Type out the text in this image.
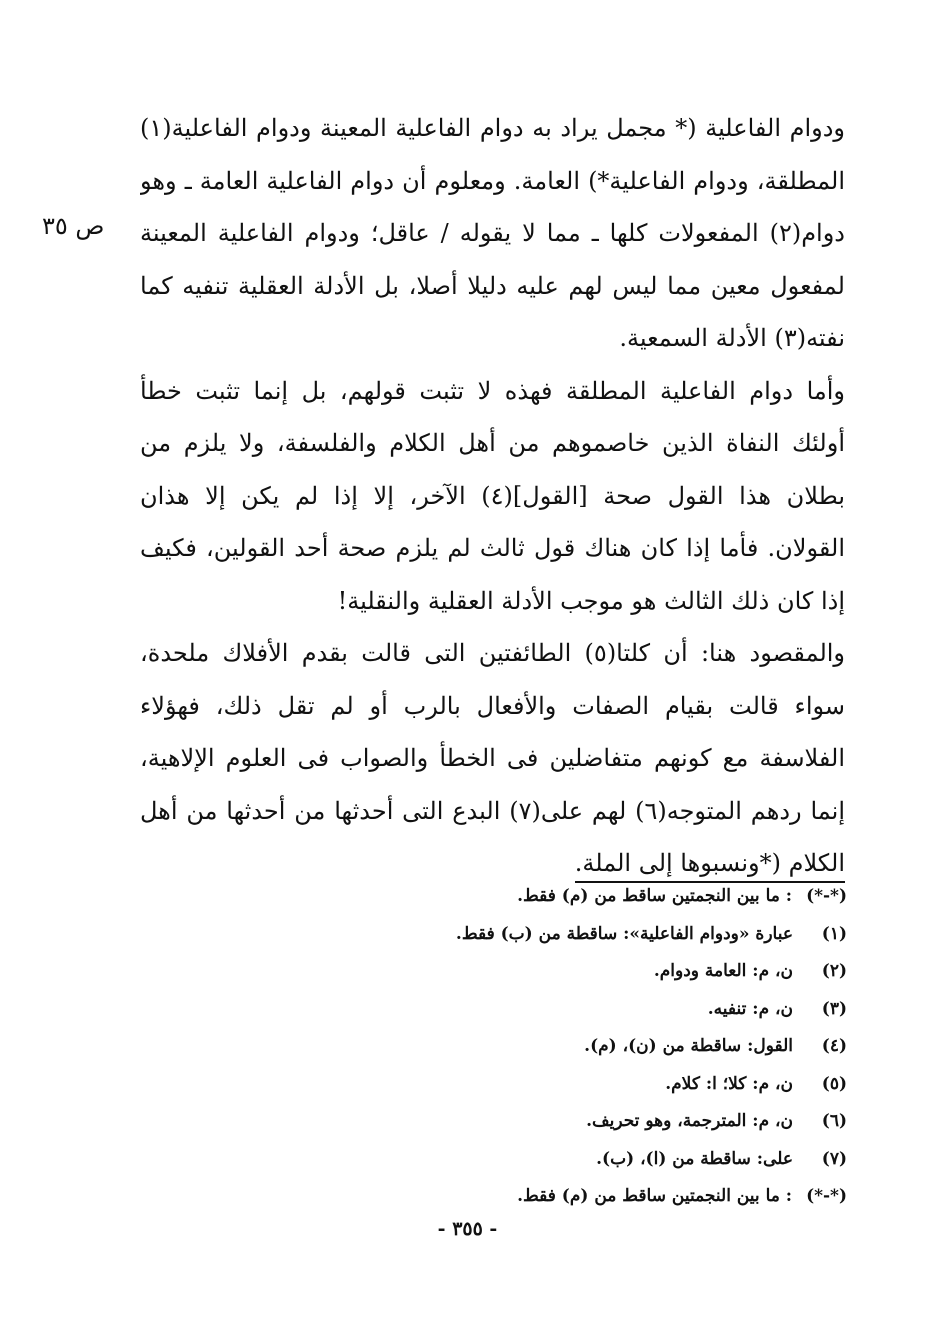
ص ٣٥
ودوام الفاعلية (* مجمل يراد به دوام الفاعلية المعينة ودوام الفاعلية(١)
المطلقة، ودوام الفاعلية*) العامة. ومعلوم أن دوام الفاعلية العامة ـ وهو
دوام(٢) المفعولات كلها ـ مما لا يقوله / عاقل؛ ودوام الفاعلية المعينة
لمفعول معين مما ليس لهم عليه دليلا أصلا، بل الأدلة العقلية تنفيه كما
نفته(٣) الأدلة السمعية.
وأما دوام الفاعلية المطلقة فهذه لا تثبت قولهم، بل إنما تثبت خطأ
أولئك النفاة الذين خاصموهم من أهل الكلام والفلسفة، ولا يلزم من
بطلان هذا القول صحة [القول](٤) الآخر، إلا إذا لم يكن إلا هذان
القولان. فأما إذا كان هناك قول ثالث لم يلزم صحة أحد القولين، فكيف
إذا كان ذلك الثالث هو موجب الأدلة العقلية والنقلية!
والمقصود هنا: أن كلتا(٥) الطائفتين التى قالت بقدم الأفلاك ملحدة،
سواء قالت بقيام الصفات والأفعال بالرب أو لم تقل ذلك، فهؤلاء
الفلاسفة مع كونهم متفاضلين فى الخطأ والصواب فى العلوم الإلاهية،
إنما ردهم المتوجه(٦) لهم على(٧) البدع التى أحدثها من أحدثها من أهل
الكلام (*ونسبوها إلى الملة.
(*-*): ما بين النجمتين ساقط من (م) فقط.
(١)عبارة «ودوام الفاعلية»: ساقطة من (ب) فقط.
(٢)ن، م: العامة ودوام.
(٣)ن، م: تنفيه.
(٤)القول: ساقطة من (ن)، (م).
(٥)ن، م: كلا؛ ا: كلام.
(٦)ن، م: المترجمة، وهو تحريف.
(٧)على: ساقطة من (ا)، (ب).
(*-*): ما بين النجمتين ساقط من (م) فقط.
- ٣٥٥ -
